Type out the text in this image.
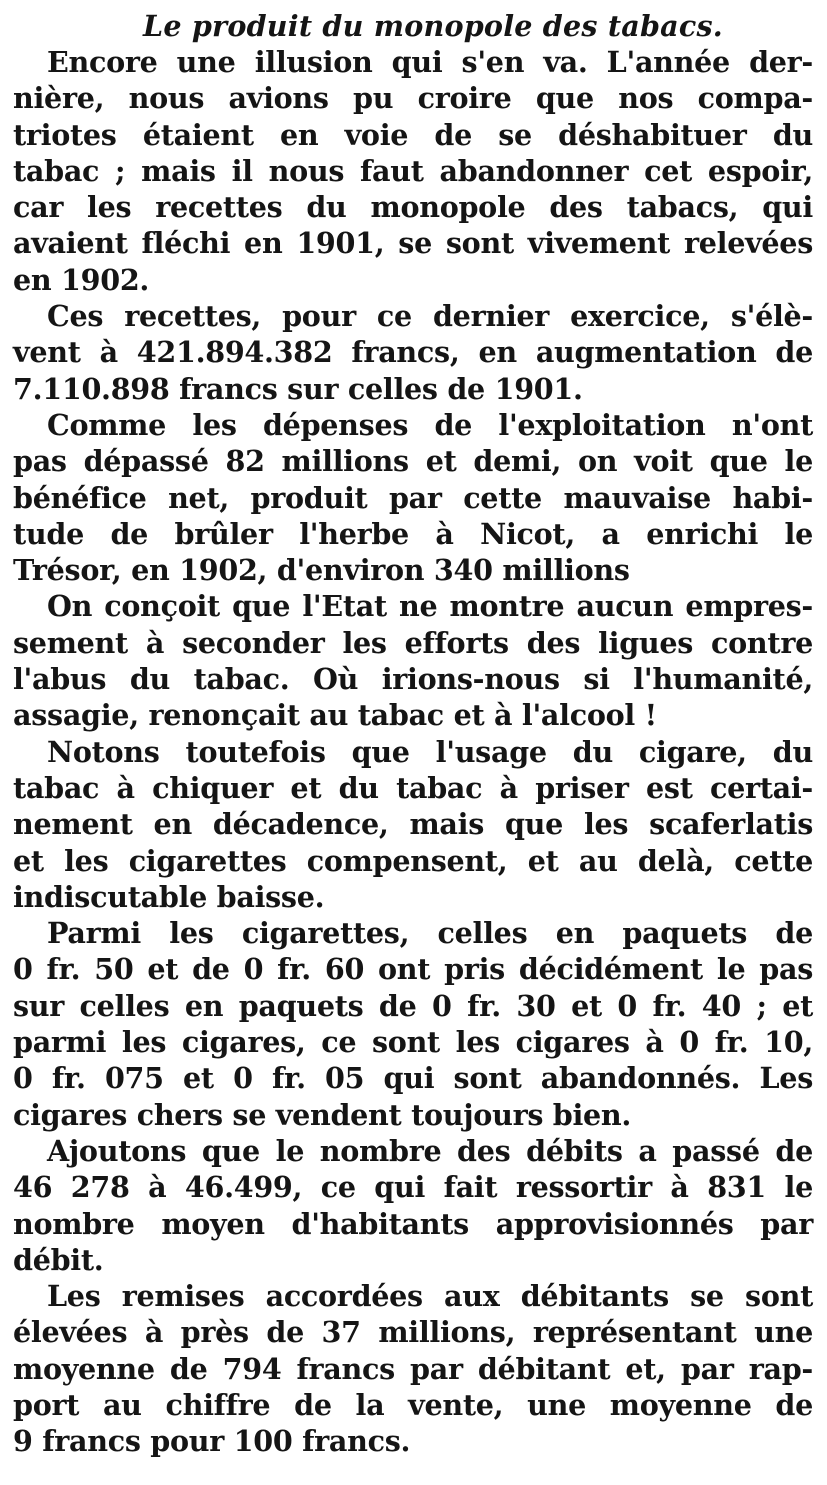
Le produit du monopole des tabacs.

Encore une illusion qui s'en va. L'année der-
nière, nous avions pu croire que nos compa-
triotes étaient en voie de se déshabituer du
tabac ; mais il nous faut abandonner cet espoir,
car les recettes du monopole des tabacs, qui
avaient fléchi en 1901, se sont vivement relevées
en 1902.

Ces recettes, pour ce dernier exercice, s'élè-
vent à 421.894.382 francs, en augmentation de
7.110.898 francs sur celles de 1901.

Comme les dépenses de l'exploitation n'ont
pas dépassé 82 millions et demi, on voit que le
bénéfice net, produit par cette mauvaise habi-
tude de brûler l'herbe à Nicot, a enrichi le
Trésor, en 1902, d'environ 340 millions

On conçoit que l'Etat ne montre aucun empres-
sement à seconder les efforts des ligues contre
l'abus du tabac. Où irions-nous si l'humanité,
assagie, renonçait au tabac et à l'alcool !

Notons toutefois que l'usage du cigare, du
tabac à chiquer et du tabac à priser est certai-
nement en décadence, mais que les scaferlatis
et les cigarettes compensent, et au delà, cette
indiscutable baisse.

Parmi les cigarettes, celles en paquets de
0 fr. 50 et de 0 fr. 60 ont pris décidément le pas
sur celles en paquets de 0 fr. 30 et 0 fr. 40 ; et
parmi les cigares, ce sont les cigares à 0 fr. 10,
0 fr. 075 et 0 fr. 05 qui sont abandonnés. Les
cigares chers se vendent toujours bien.

Ajoutons que le nombre des débits a passé de
46 278 à 46.499, ce qui fait ressortir à 831 le
nombre moyen d'habitants approvisionnés par
débit.

Les remises accordées aux débitants se sont
élevées à près de 37 millions, représentant une
moyenne de 794 francs par débitant et, par rap-
port au chiffre de la vente, une moyenne de
9 francs pour 100 francs.
